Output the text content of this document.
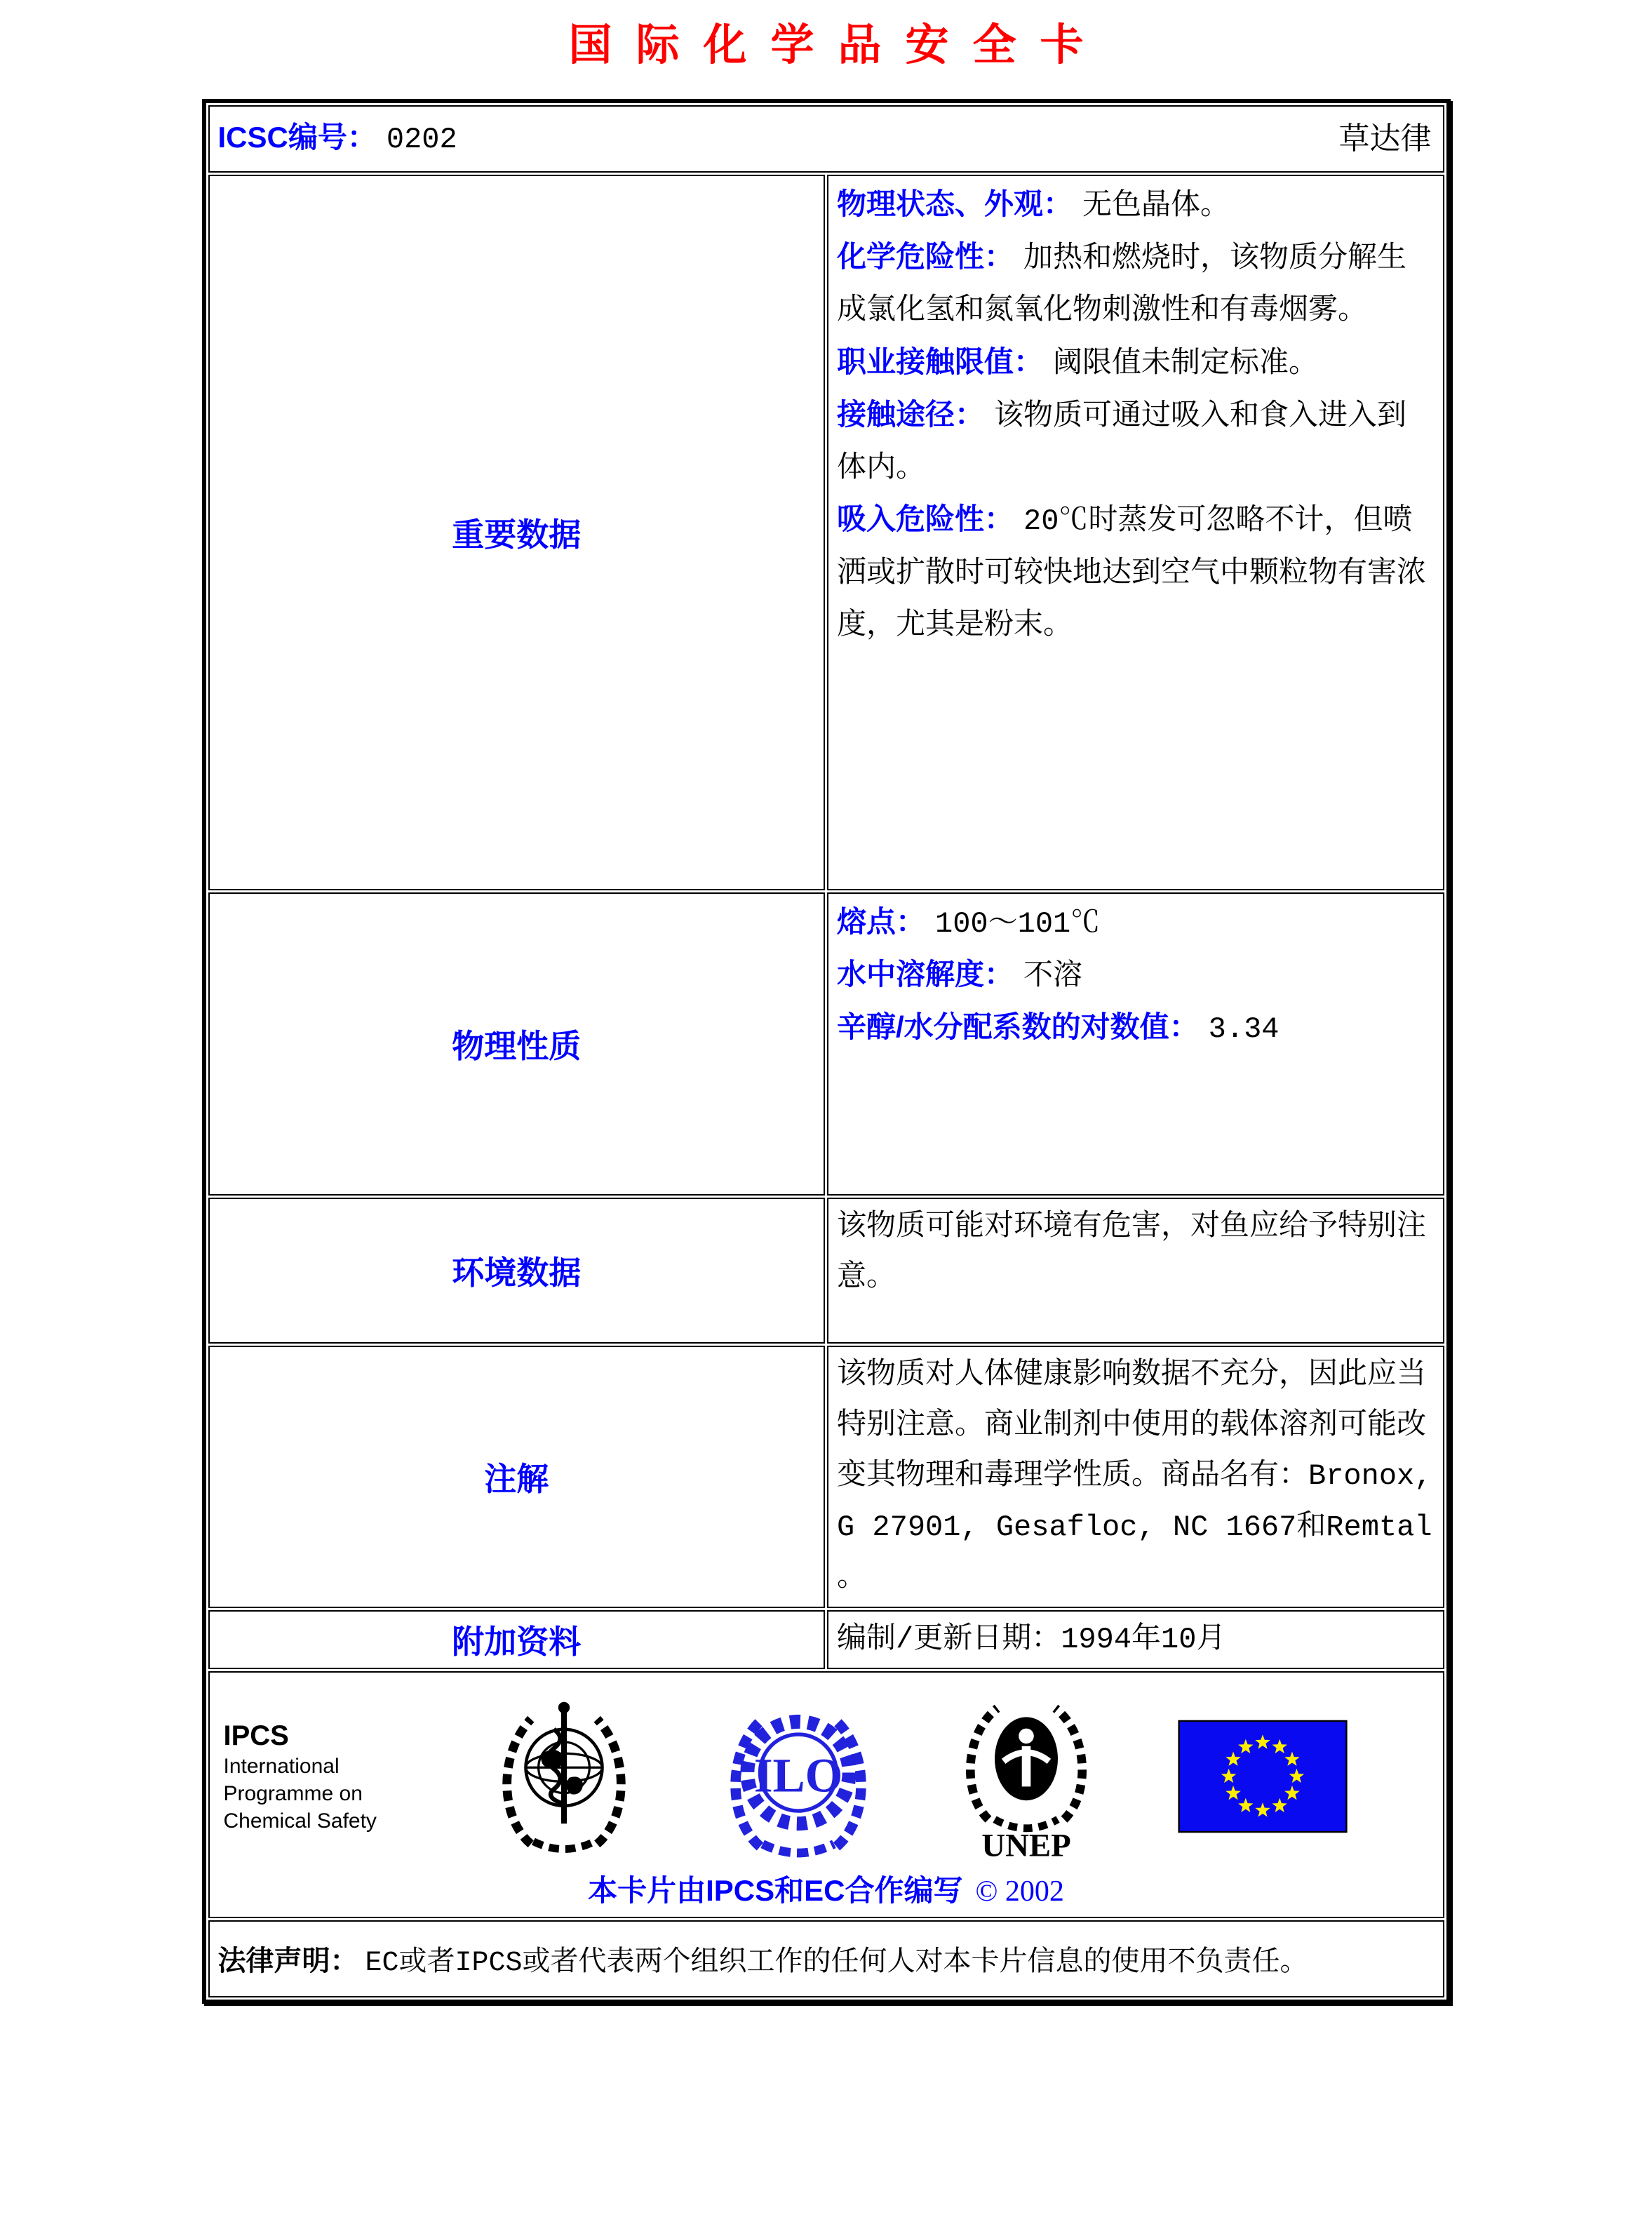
国际化学品安全卡
ICSC编号： 0202 草达律	

重要数据	物理状态、外观： 无色晶体。

化学危险性： 加热和燃烧时，该物质分解生成氯化氢和氮氧化物刺激性和有毒烟雾。

职业接触限值： 阈限值未制定标准。

接触途径： 该物质可通过吸入和食入进入到体内。

吸入危险性： 20℃时蒸发可忽略不计，但喷洒或扩散时可较快地达到空气中颗粒物有害浓度，尤其是粉末。

物理性质	熔点： 100～101℃

水中溶解度： 不溶

辛醇/水分配系数的对数值： 3.34

环境数据	该物质可能对环境有危害，对鱼应给予特别注意。

注解	该物质对人体健康影响数据不充分，因此应当特别注意。商业制剂中使用的载体溶剂可能改变其物理和毒理学性质。商品名有：Bronox, G 27901, Gesafloc, NC 1667和Remtal 。

附加资料	编制/更新日期：1994年10月

IPCS
International
Programme on
Chemical Safety
ILO
UNEP
本卡片由IPCS和EC合作编写 © 2002

法律声明： EC或者IPCS或者代表两个组织工作的任何人对本卡片信息的使用不负责任。	
